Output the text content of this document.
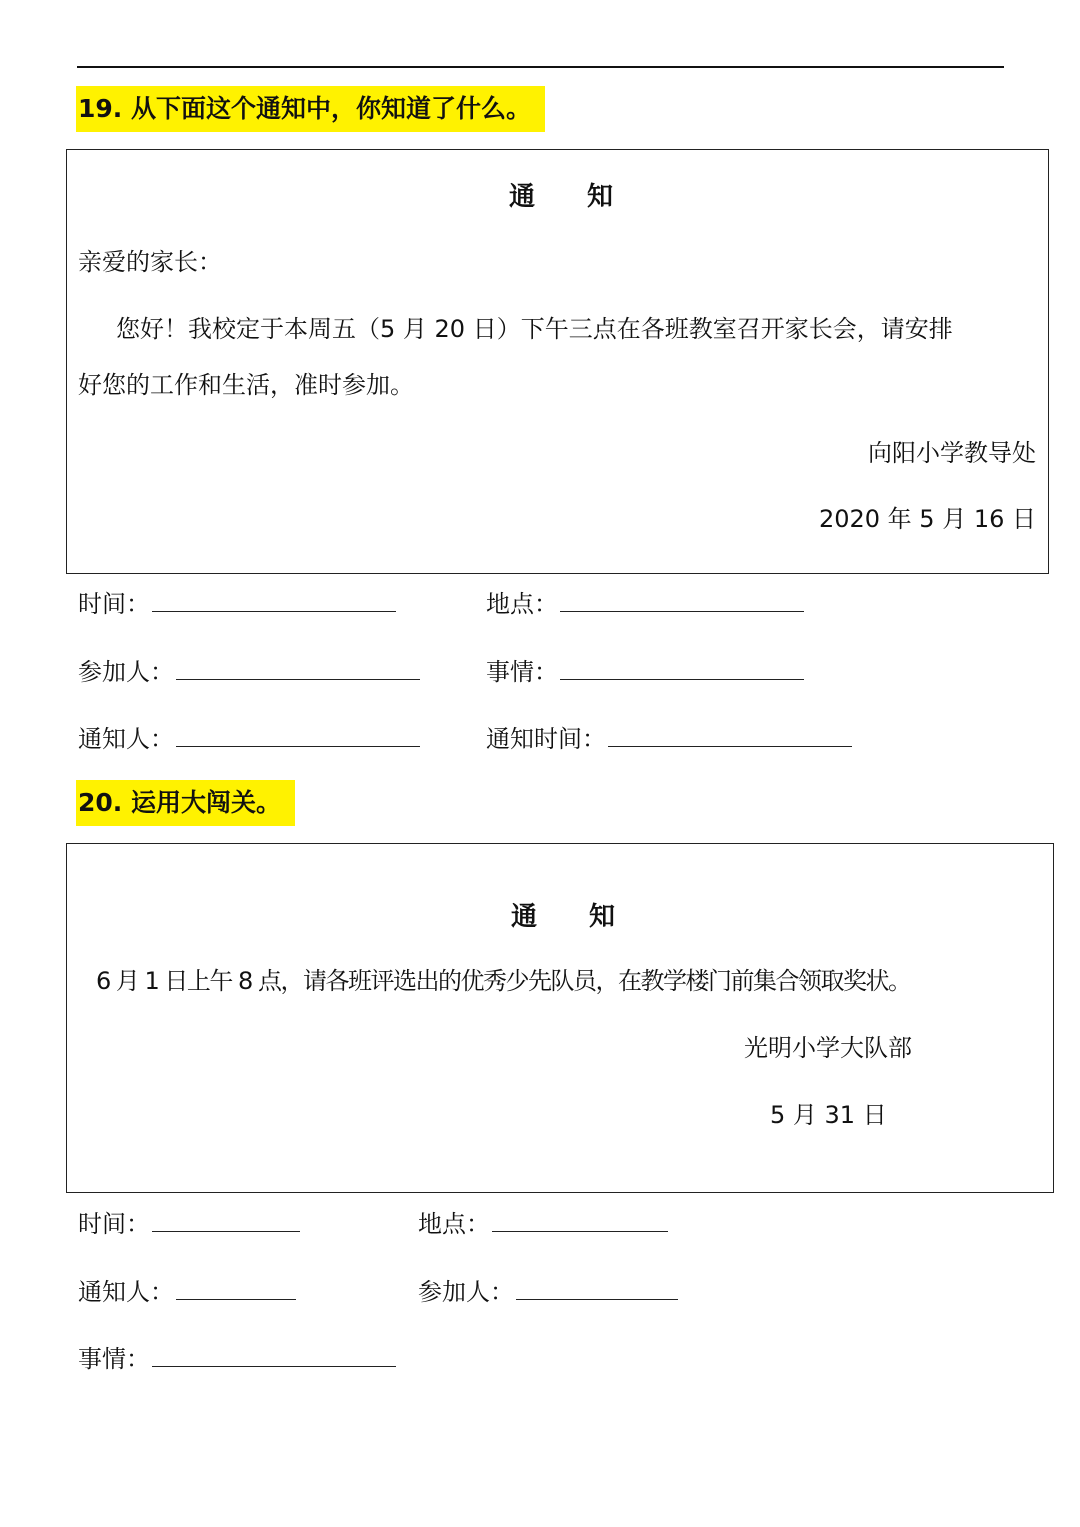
19. 从下面这个通知中，你知道了什么。
通　　知
亲爱的家长：
您好！我校定于本周五（5 月 20 日）下午三点在各班教室召开家长会，请安排
好您的工作和生活，准时参加。
向阳小学教导处
2020 年 5 月 16 日
时间：	地点：
参加人：	事情：
通知人：	通知时间：
20. 运用大闯关。
通　　知
6 月 1 日上午 8 点，请各班评选出的优秀少先队员，在教学楼门前集合领取奖状。
光明小学大队部
5 月 31 日
时间：	地点：
通知人：	参加人：
事情：
